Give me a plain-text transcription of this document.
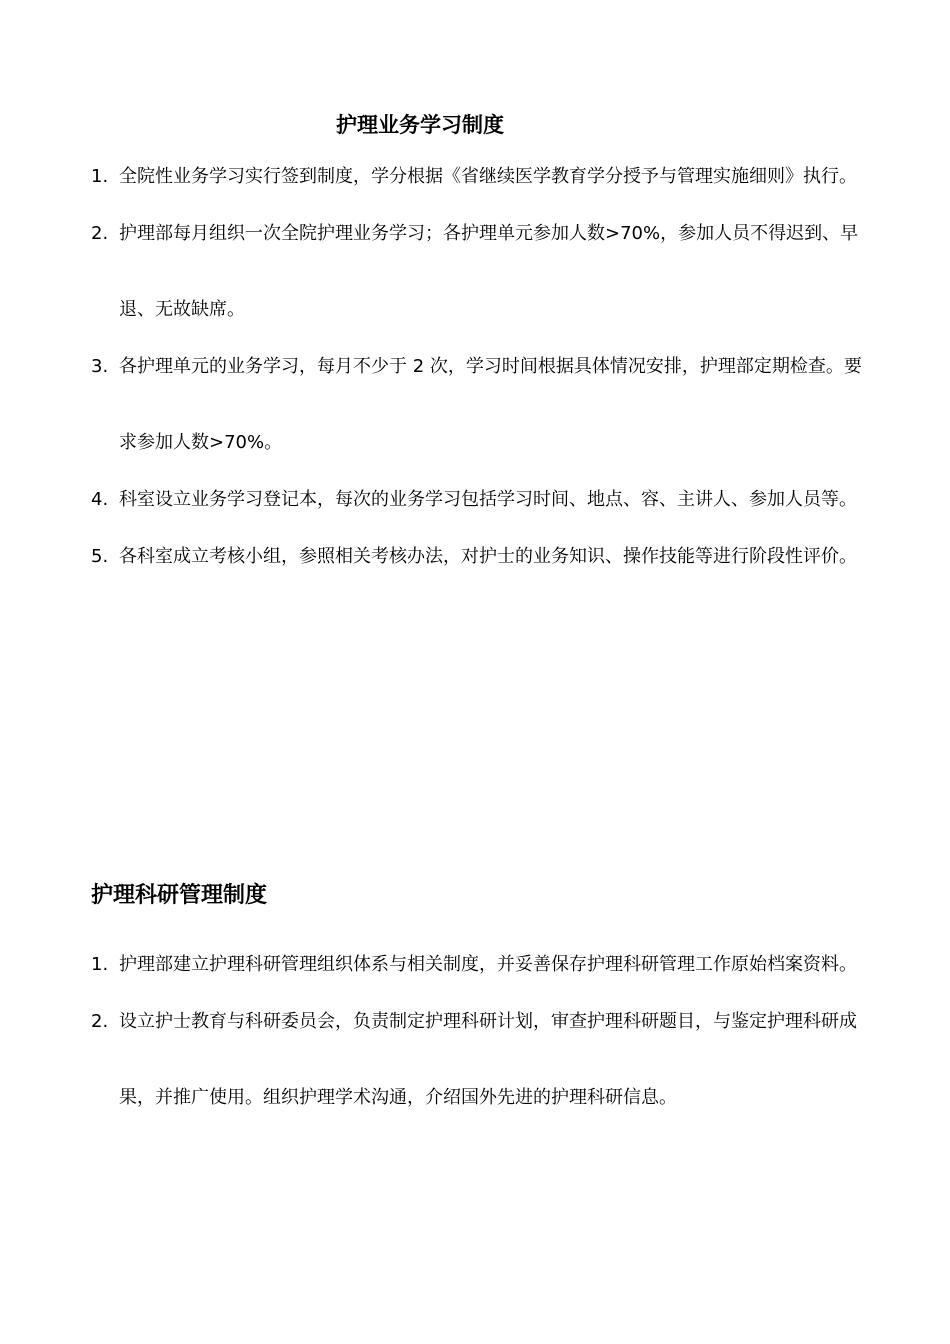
护理业务学习制度
1. 全院性业务学习实行签到制度，学分根据《省继续医学教育学分授予与管理实施细则》执行。
2. 护理部每月组织一次全院护理业务学习；各护理单元参加人数>70%，参加人员不得迟到、早退、无故缺席。
3. 各护理单元的业务学习，每月不少于 2 次，学习时间根据具体情况安排，护理部定期检查。要求参加人数>70%。
4. 科室设立业务学习登记本，每次的业务学习包括学习时间、地点、容、主讲人、参加人员等。
5. 各科室成立考核小组，参照相关考核办法，对护士的业务知识、操作技能等进行阶段性评价。
护理科研管理制度
1. 护理部建立护理科研管理组织体系与相关制度，并妥善保存护理科研管理工作原始档案资料。
2. 设立护士教育与科研委员会，负责制定护理科研计划，审查护理科研题目，与鉴定护理科研成果，并推广使用。组织护理学术沟通，介绍国外先进的护理科研信息。
